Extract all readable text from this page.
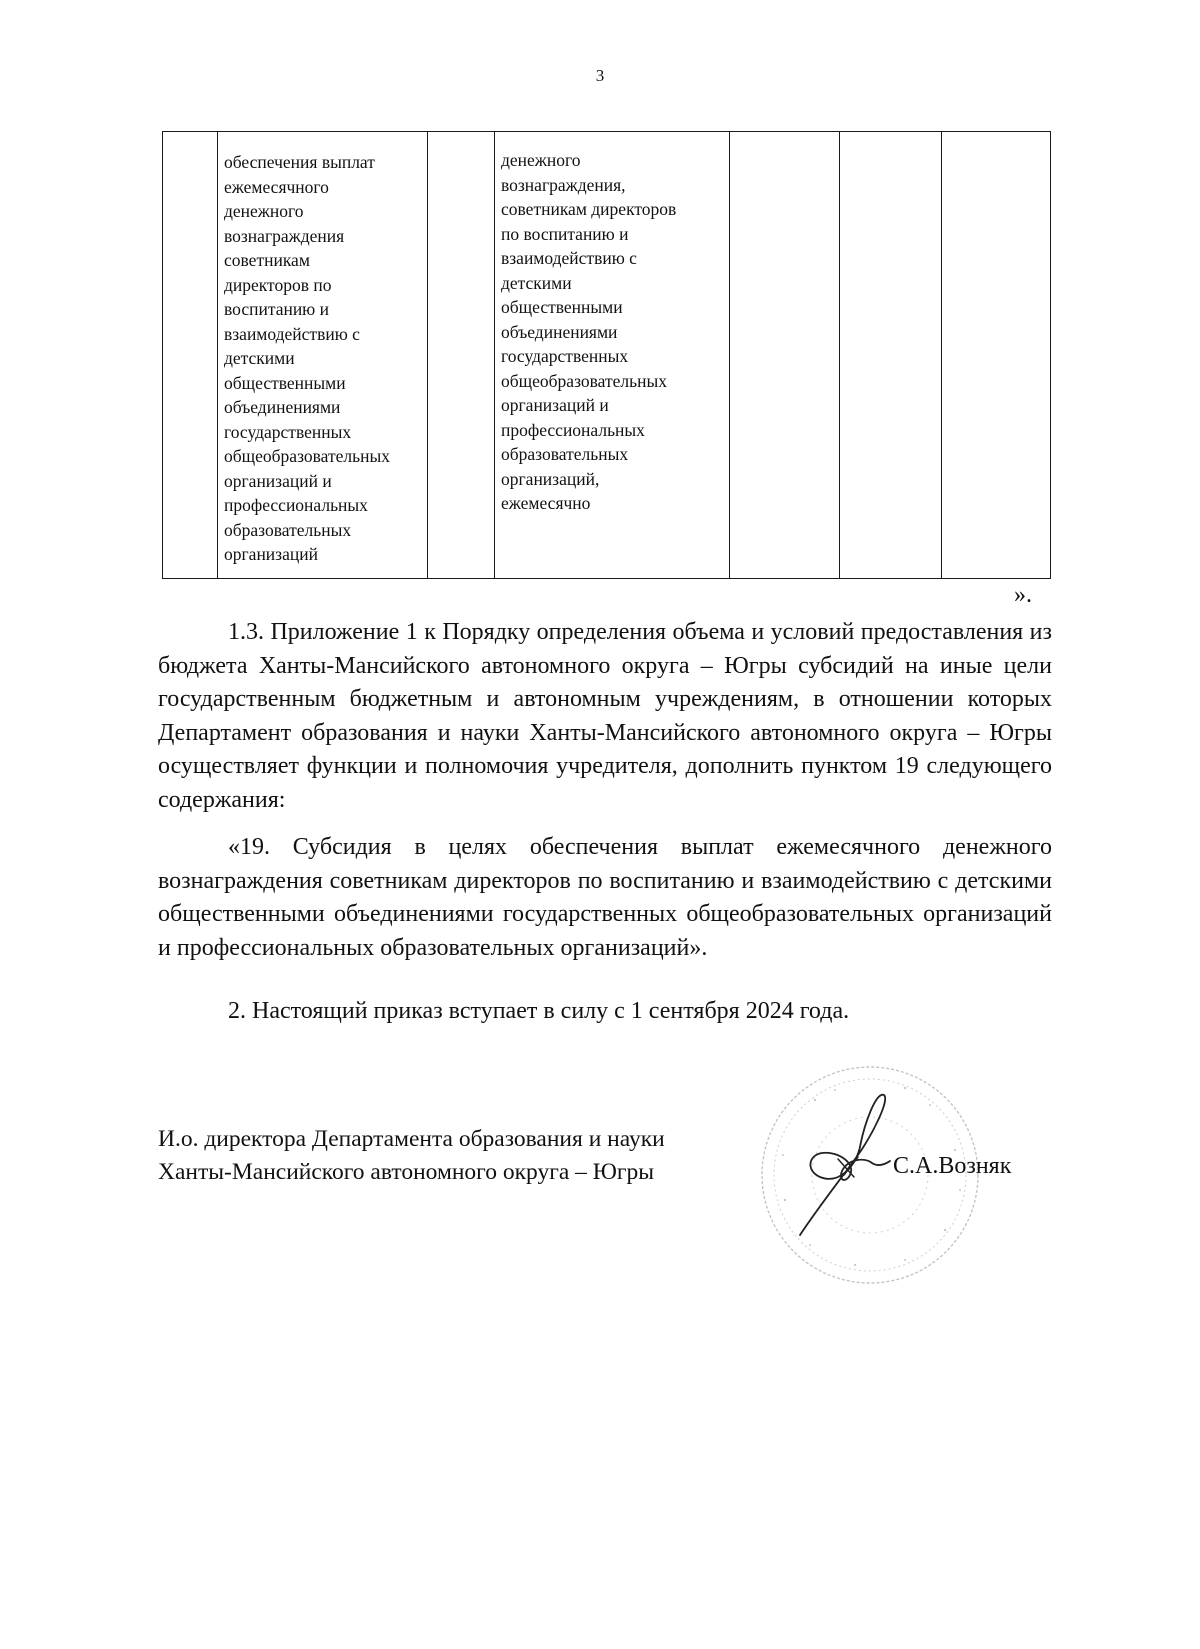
3
	обеспечения выплат
ежемесячного
денежного
вознаграждения
советникам
директоров по
воспитанию и
взаимодействию с
детскими
общественными
объединениями
государственных
общеобразовательных
организаций и
профессиональных
образовательных
организаций		денежного
вознаграждения,
советникам директоров
по воспитанию и
взаимодействию с
детскими
общественными
объединениями
государственных
общеобразовательных
организаций и
профессиональных
образовательных
организаций,
ежемесячно			
».
1.3. Приложение 1 к Порядку определения объема и условий предоставления из бюджета Ханты-Мансийского автономного округа – Югры субсидий на иные цели государственным бюджетным и автономным учреждениям, в отношении которых Департамент образования и науки Ханты-Мансийского автономного округа – Югры осуществляет функции и полномочия учредителя, дополнить пунктом 19 следующего содержания:
«19. Субсидия в целях обеспечения выплат ежемесячного денежного вознаграждения советникам директоров по воспитанию и взаимодействию с детскими общественными объединениями государственных общеобразовательных организаций и профессиональных образовательных организаций».
2. Настоящий приказ вступает в силу с 1 сентября 2024 года.
И.о. директора Департамента образования и науки
Ханты-Мансийского автономного округа – Югры	С.А.Возняк
